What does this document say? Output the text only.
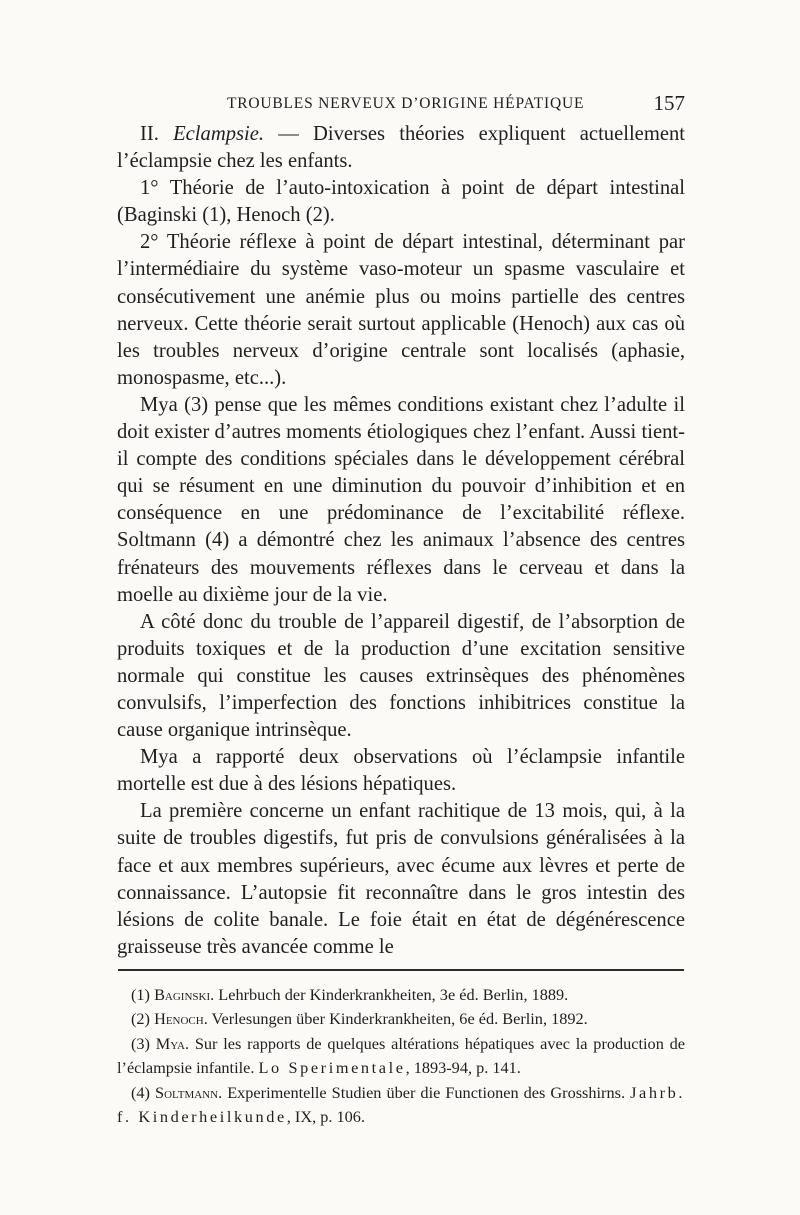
TROUBLES NERVEUX D’ORIGINE HÉPATIQUE	157

II. Eclampsie. — Diverses théories expliquent actuellement l’éclampsie chez les enfants.

1° Théorie de l’auto-intoxication à point de départ intestinal (Baginski (1), Henoch (2).

2° Théorie réflexe à point de départ intestinal, déterminant par l’intermédiaire du système vaso-moteur un spasme vasculaire et consécutivement une anémie plus ou moins partielle des centres nerveux. Cette théorie serait surtout applicable (Henoch) aux cas où les troubles nerveux d’origine centrale sont localisés (aphasie, monospasme, etc...).

Mya (3) pense que les mêmes conditions existant chez l’adulte il doit exister d’autres moments étiologiques chez l’enfant. Aussi tient-il compte des conditions spéciales dans le développement cérébral qui se résument en une diminution du pouvoir d’inhibition et en conséquence en une prédominance de l’excitabilité réflexe. Soltmann (4) a démontré chez les animaux l’absence des centres frénateurs des mouvements réflexes dans le cerveau et dans la moelle au dixième jour de la vie.

A côté donc du trouble de l’appareil digestif, de l’absorption de produits toxiques et de la production d’une excitation sensitive normale qui constitue les causes extrinsèques des phénomènes convulsifs, l’imperfection des fonctions inhibitrices constitue la cause organique intrinsèque.

Mya a rapporté deux observations où l’éclampsie infantile mortelle est due à des lésions hépatiques.

La première concerne un enfant rachitique de 13 mois, qui, à la suite de troubles digestifs, fut pris de convulsions généralisées à la face et aux membres supérieurs, avec écume aux lèvres et perte de connaissance. L’autopsie fit reconnaître dans le gros intestin des lésions de colite banale. Le foie était en état de dégénérescence graisseuse très avancée comme le

(1) Baginski. Lehrbuch der Kinderkrankheiten, 3e éd. Berlin, 1889.

(2) Henoch. Verlesungen über Kinderkrankheiten, 6e éd. Berlin, 1892.

(3) Mya. Sur les rapports de quelques altérations hépatiques avec la production de l’éclampsie infantile. Lo Sperimentale, 1893-94, p. 141.

(4) Soltmann. Experimentelle Studien über die Functionen des Grosshirns. Jahrb. f. Kinderheilkunde, IX, p. 106.
